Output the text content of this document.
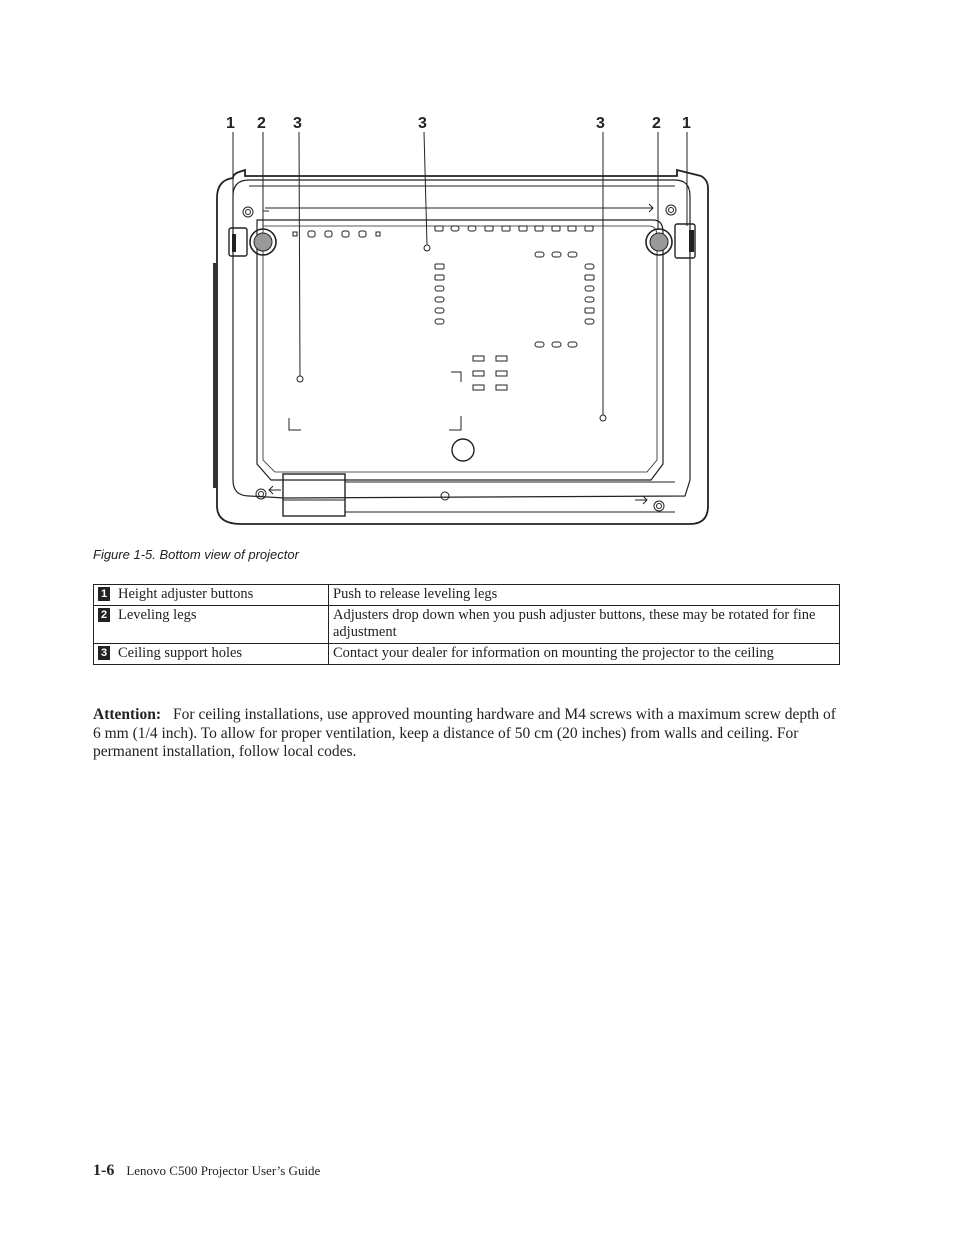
1 2 3	3	3	2 1
Figure 1-5. Bottom view of projector
1 Height adjuster buttons	Push to release leveling legs
2 Leveling legs	Adjusters drop down when you push adjuster buttons, these may be rotated for fine adjustment
3 Ceiling support holes	Contact your dealer for information on mounting the projector to the ceiling
Attention: For ceiling installations, use approved mounting hardware and M4 screws with a maximum screw depth of 6 mm (1/4 inch). To allow for proper ventilation, keep a distance of 50 cm (20 inches) from walls and ceiling. For permanent installation, follow local codes.
1-6 Lenovo C500 Projector User’s Guide
